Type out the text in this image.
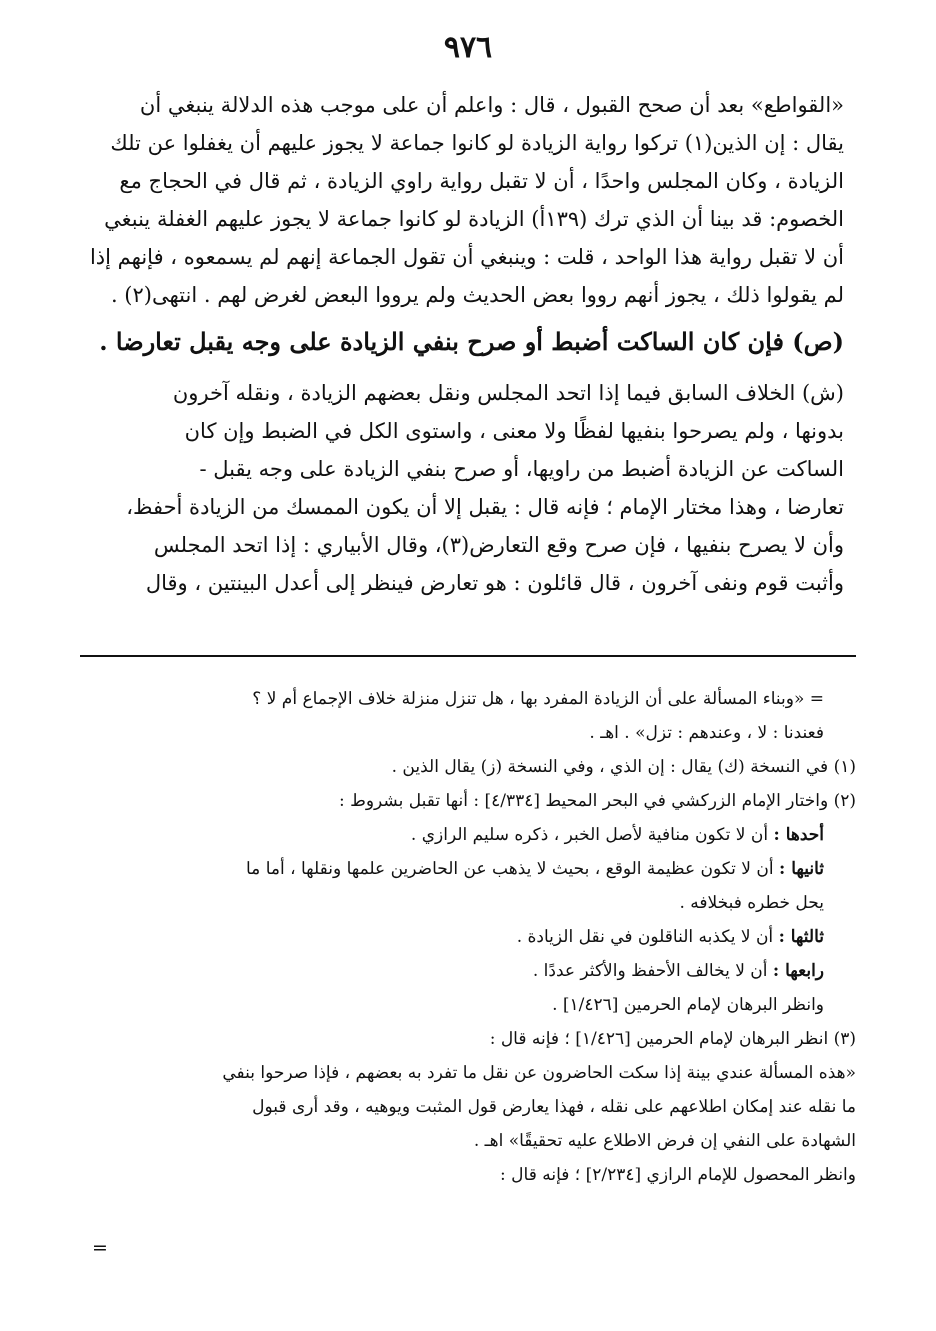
٩٧٦
«القواطع» بعد أن صحح القبول ، قال : واعلم أن على موجب هذه الدلالة ينبغي أن
يقال : إن الذين(١) تركوا رواية الزيادة لو كانوا جماعة لا يجوز عليهم أن يغفلوا عن تلك
الزيادة ، وكان المجلس واحدًا ، أن لا تقبل رواية راوي الزيادة ، ثم قال في الحجاج مع
الخصوم: قد بينا أن الذي ترك (١٣٩أ) الزيادة لو كانوا جماعة لا يجوز عليهم الغفلة ينبغي
أن لا تقبل رواية هذا الواحد ، قلت : وينبغي أن تقول الجماعة إنهم لم يسمعوه ، فإنهم إذا
لم يقولوا ذلك ، يجوز أنهم رووا بعض الحديث ولم يرووا البعض لغرض لهم . انتهى(٢) .
(ص) فإن كان الساكت أضبط أو صرح بنفي الزيادة على وجه يقبل تعارضا .
(ش) الخلاف السابق فيما إذا اتحد المجلس ونقل بعضهم الزيادة ، ونقله آخرون
بدونها ، ولم يصرحوا بنفيها لفظًا ولا معنى ، واستوى الكل في الضبط وإن كان
الساكت عن الزيادة أضبط من راويها، أو صرح بنفي الزيادة على وجه يقبل -
تعارضا ، وهذا مختار الإمام ؛ فإنه قال : يقبل إلا أن يكون الممسك من الزيادة أحفظ،
وأن لا يصرح بنفيها ، فإن صرح وقع التعارض(٣)، وقال الأبياري : إذا اتحد المجلس
وأثبت قوم ونفى آخرون ، قال قائلون : هو تعارض فينظر إلى أعدل البينتين ، وقال
= «وبناء المسألة على أن الزيادة المفرد بها ، هل تنزل منزلة خلاف الإجماع أم لا ؟
فعندنا : لا ، وعندهم : تزل» . اهـ .
(١) في النسخة (ك) يقال : إن الذي ، وفي النسخة (ز) يقال الذين .
(٢) واختار الإمام الزركشي في البحر المحيط [٤/٣٣٤] : أنها تقبل بشروط :
أحدها : أن لا تكون منافية لأصل الخبر ، ذكره سليم الرازي .
ثانيها : أن لا تكون عظيمة الوقع ، بحيث لا يذهب عن الحاضرين علمها ونقلها ، أما ما
يحل خطره فبخلافه .
ثالثها : أن لا يكذبه الناقلون في نقل الزيادة .
رابعها : أن لا يخالف الأحفظ والأكثر عددًا .
وانظر البرهان لإمام الحرمين [١/٤٢٦] .
(٣) انظر البرهان لإمام الحرمين [١/٤٢٦] ؛ فإنه قال :
«هذه المسألة عندي بينة إذا سكت الحاضرون عن نقل ما تفرد به بعضهم ، فإذا صرحوا بنفي
ما نقله عند إمكان اطلاعهم على نقله ، فهذا يعارض قول المثبت ويوهيه ، وقد أرى قبول
الشهادة على النفي إن فرض الاطلاع عليه تحقيقًا» اهـ .
وانظر المحصول للإمام الرازي [٢/٢٣٤] ؛ فإنه قال :
=
